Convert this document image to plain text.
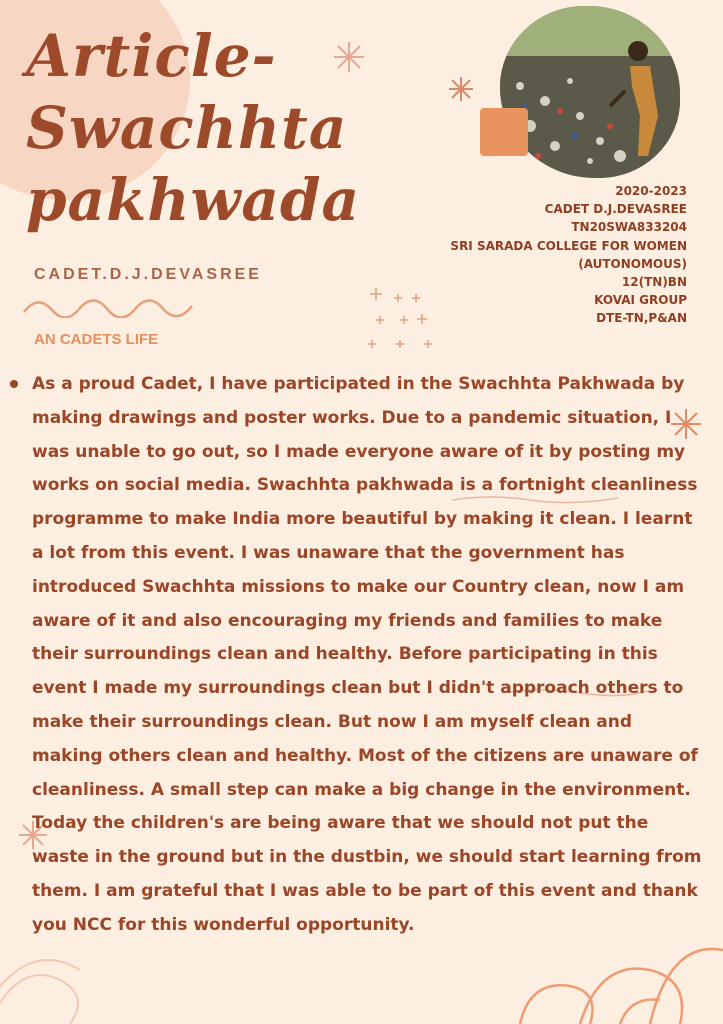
Article-
Swachhta
pakhwada
CADET.D.J.DEVASREE
AN CADETS LIFE
2020-2023
CADET D.J.DEVASREE
TN20SWA833204
SRI SARADA COLLEGE FOR WOMEN
(AUTONOMOUS)
12(TN)BN
KOVAI GROUP
DTE-TN,P&AN

As a proud Cadet, I have participated in the Swachhta Pakhwada by making drawings and poster works. Due to a pandemic situation, I was unable to go out, so I made everyone aware of it by posting my works on social media. Swachhta pakhwada is a fortnight cleanliness programme to make India more beautiful by making it clean. I learnt a lot from this event. I was unaware that the government has introduced Swachhta missions to make our Country clean, now I am aware of it and also encouraging my friends and families to make their surroundings clean and healthy. Before participating in this event I made my surroundings clean but I didn't approach others to make their surroundings clean. But now I am myself clean and making others clean and healthy. Most of the citizens are unaware of cleanliness. A small step can make a big change in the environment. Today the children's are being aware that we should not put the waste in the ground but in the dustbin, we should start learning from them. I am grateful that I was able to be part of this event and thank you NCC for this wonderful opportunity.
